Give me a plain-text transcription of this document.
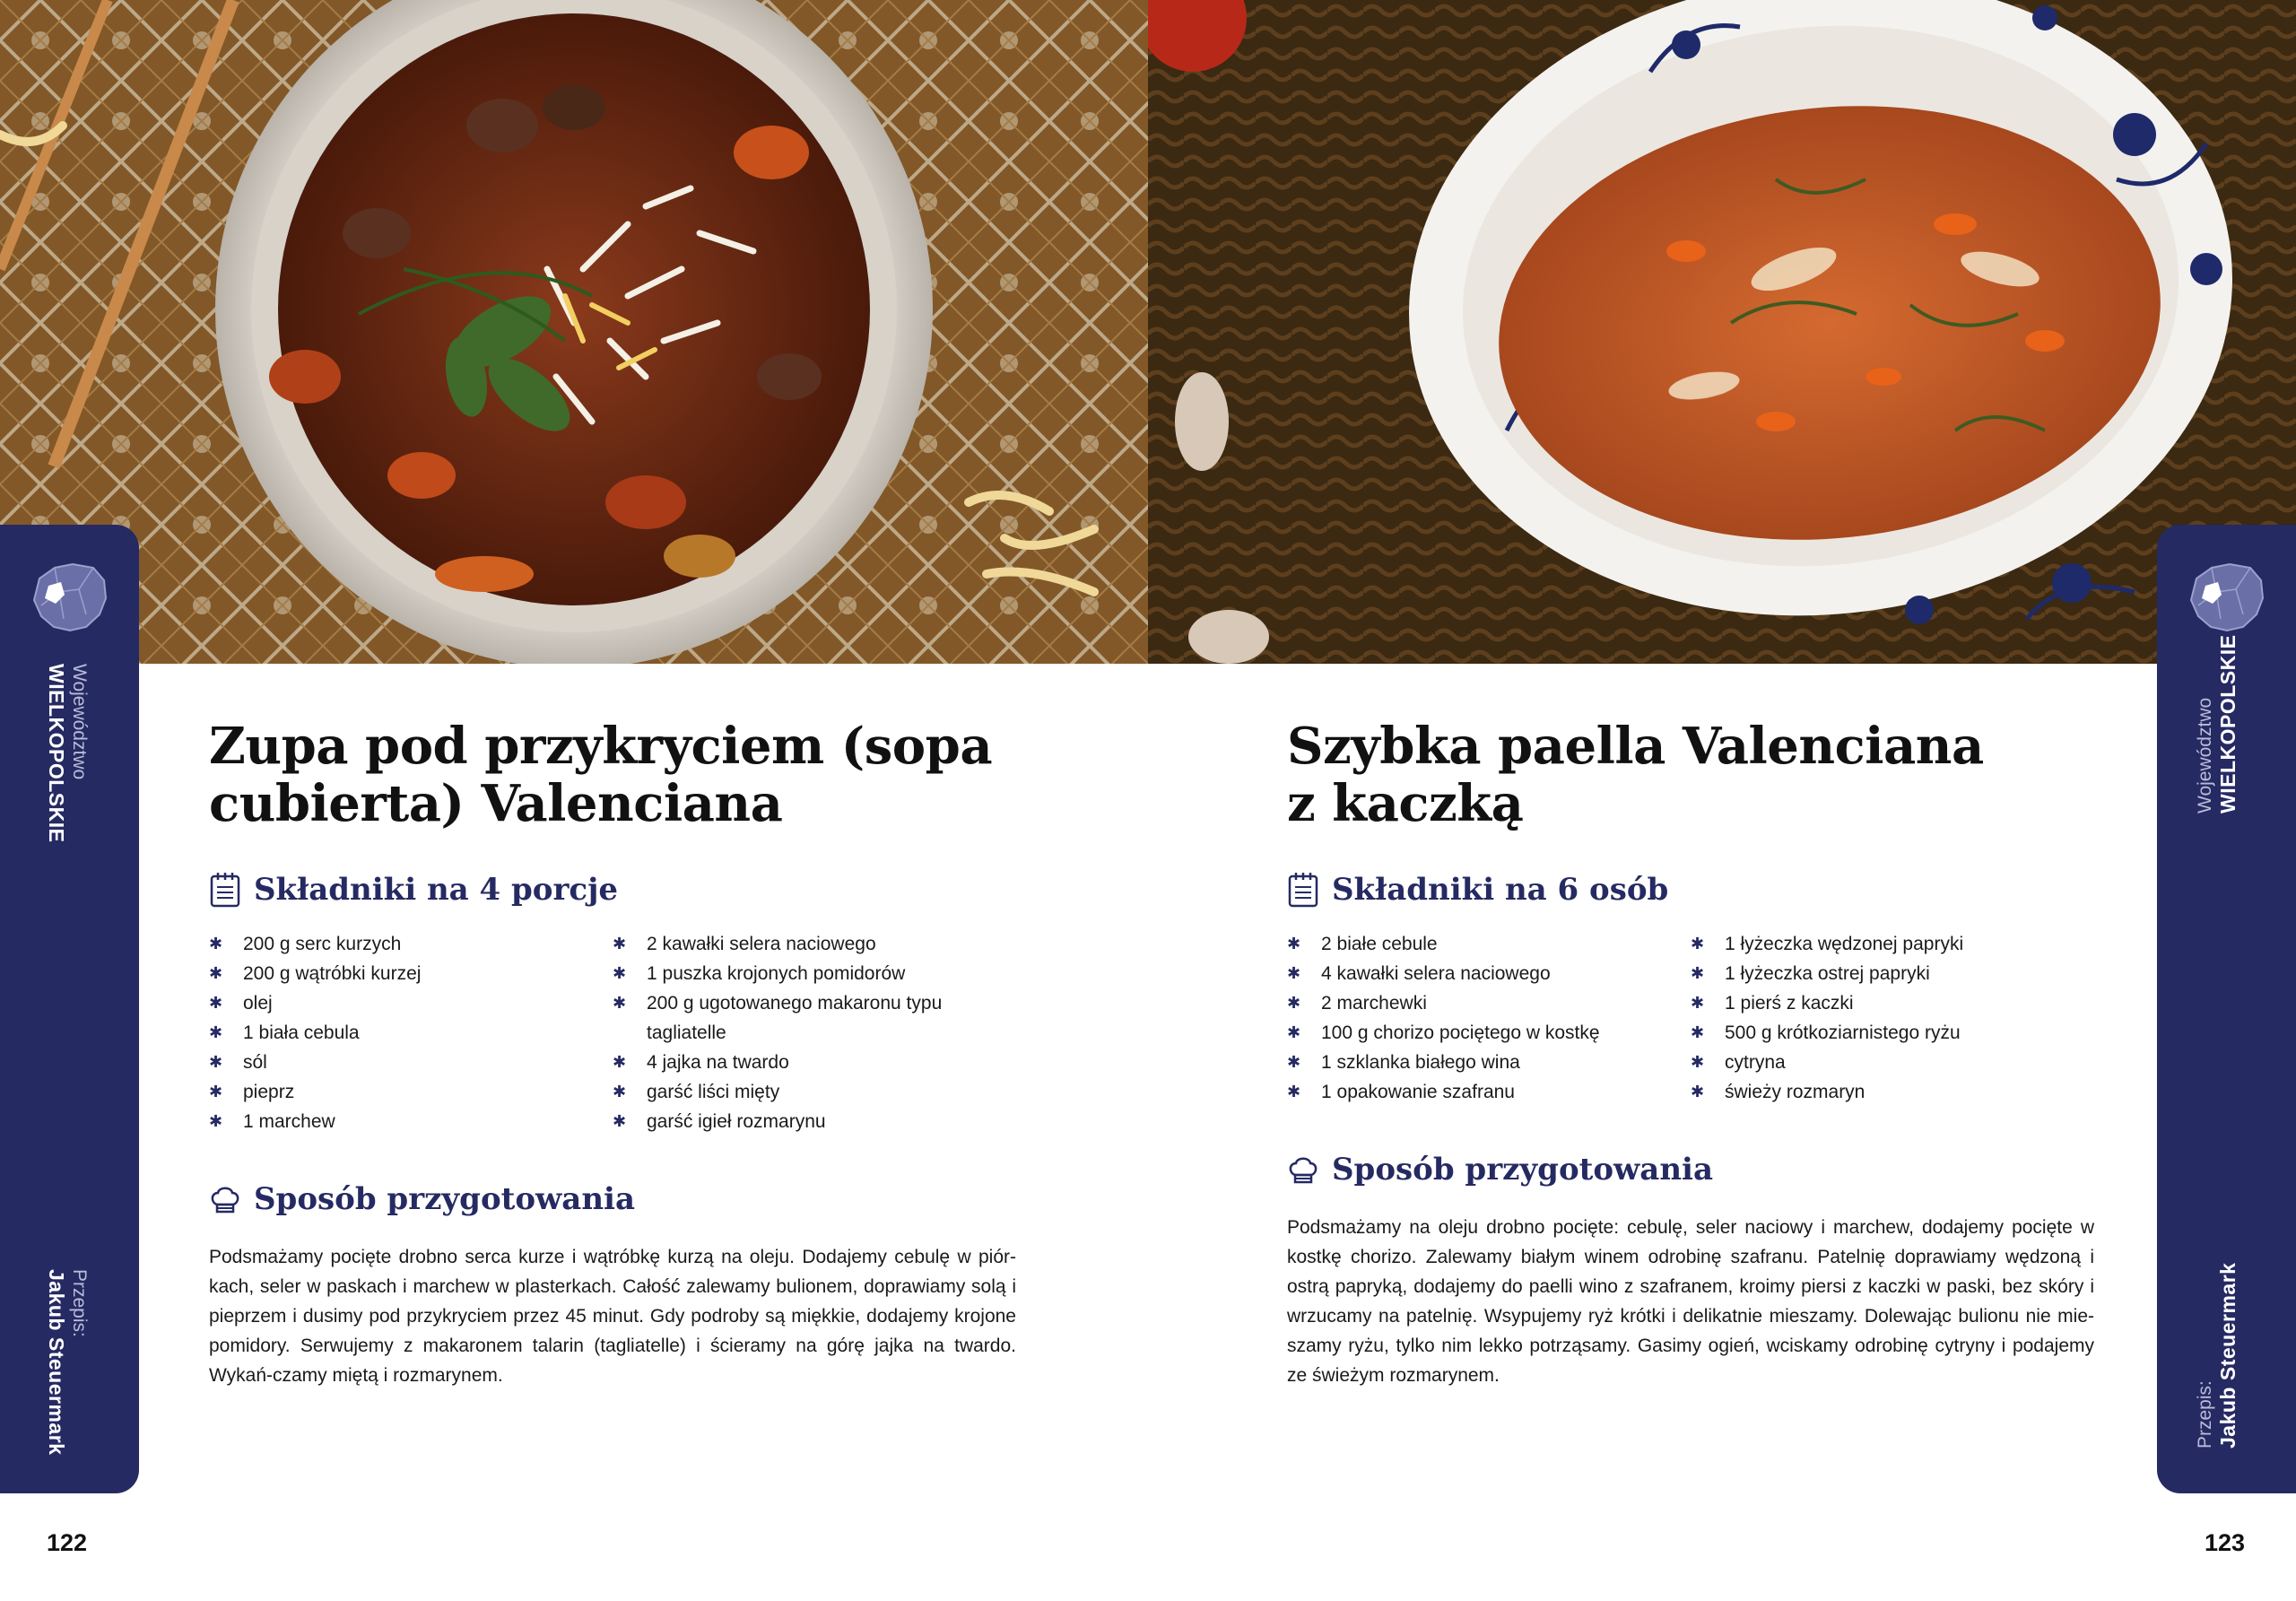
Województwo
WIELKOPOLSKIE
Przepis:
Jakub Steuermark
Zupa pod przykryciem (sopa
cubierta) Valenciana
Składniki na 4 porcje
✱ 200 g serc kurzych
✱ 200 g wątróbki kurzej
✱ olej
✱ 1 biała cebula
✱ sól
✱ pieprz
✱ 1 marchew
✱ 2 kawałki selera naciowego
✱ 1 puszka krojonych pomidorów
✱ 200 g ugotowanego makaronu typu
tagliatelle
✱ 4 jajka na twardo
✱ garść liści mięty
✱ garść igieł rozmarynu
Sposób przygotowania

Podsmażamy pocięte drobno serca kurze i wątróbkę kurzą na oleju. Dodajemy cebulę w piór-kach, seler w paskach i marchew w plasterkach. Całość zalewamy bulionem, doprawiamy solą i pieprzem i dusimy pod przykryciem przez 45 minut. Gdy podroby są miękkie, dodajemy krojone pomidory. Serwujemy z makaronem talarin (tagliatelle) i ścieramy na górę jajka na twardo. Wykań-czamy miętą i rozmarynem.

122
Województwo WIELKOPOLSKIE
Przepis: Jakub Steuermark
Szybka paella Valenciana
z kaczką
Składniki na 6 osób
✱ 2 białe cebule
✱ 4 kawałki selera naciowego
✱ 2 marchewki
✱ 100 g chorizo pociętego w kostkę
✱ 1 szklanka białego wina
✱ 1 opakowanie szafranu
✱ 1 łyżeczka wędzonej papryki
✱ 1 łyżeczka ostrej papryki
✱ 1 pierś z kaczki
✱ 500 g krótkoziarnistego ryżu
✱ cytryna
✱ świeży rozmaryn
Sposób przygotowania

Podsmażamy na oleju drobno pocięte: cebulę, seler naciowy i marchew, dodajemy pocięte w kostkę chorizo. Zalewamy białym winem odrobinę szafranu. Patelnię doprawiamy wędzoną i ostrą papryką, dodajemy do paelli wino z szafranem, kroimy piersi z kaczki w paski, bez skóry i wrzucamy na patelnię. Wsypujemy ryż krótki i delikatnie mieszamy. Dolewając bulionu nie mie-szamy ryżu, tylko nim lekko potrząsamy. Gasimy ogień, wciskamy odrobinę cytryny i podajemy ze świeżym rozmarynem.

123
